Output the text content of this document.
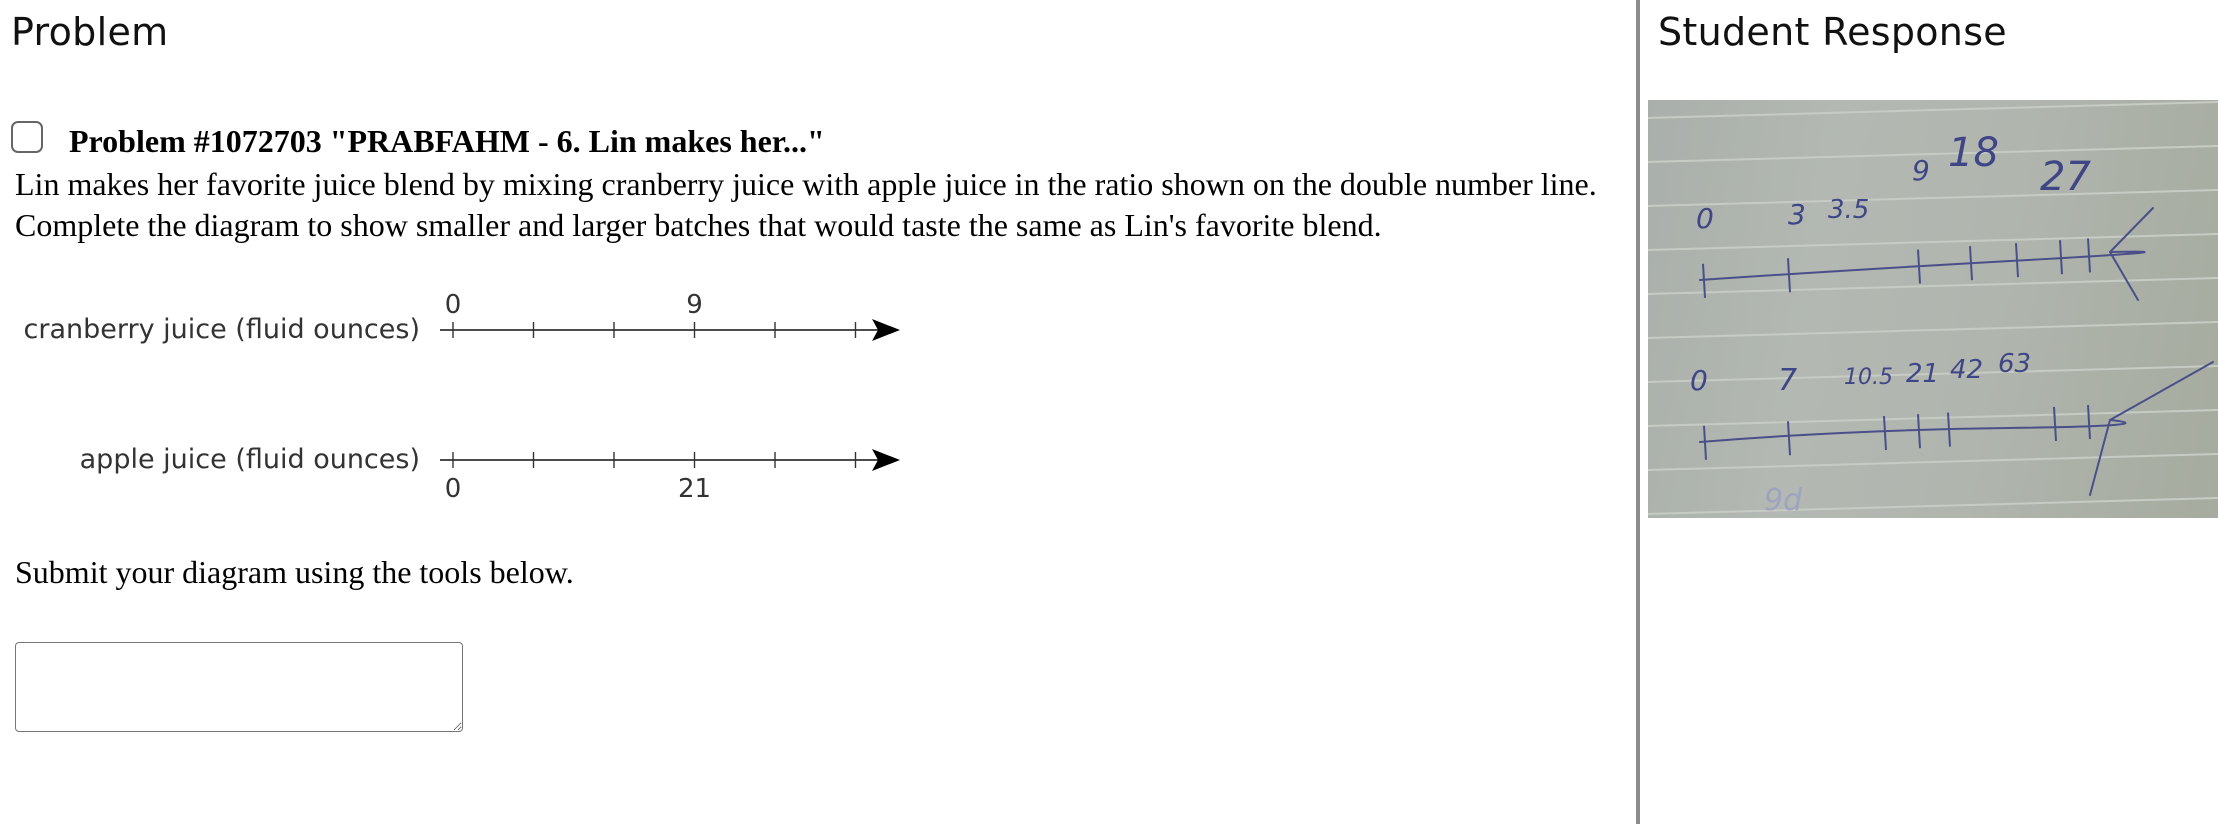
Problem	Student Response
Problem #1072703 "PRABFAHM - 6. Lin makes her..."
Lin makes her favorite juice blend by mixing cranberry juice with apple juice in the ratio shown on the double number line. Complete the diagram to show smaller and larger batches that would taste the same as Lin's favorite blend.
cranberry juice (fluid ounces)
0	9
apple juice (fluid ounces)
0	21
Submit your diagram using the tools below.
0	3 3.5
9 18
27
0 7 10.5 21 42 63
9d
